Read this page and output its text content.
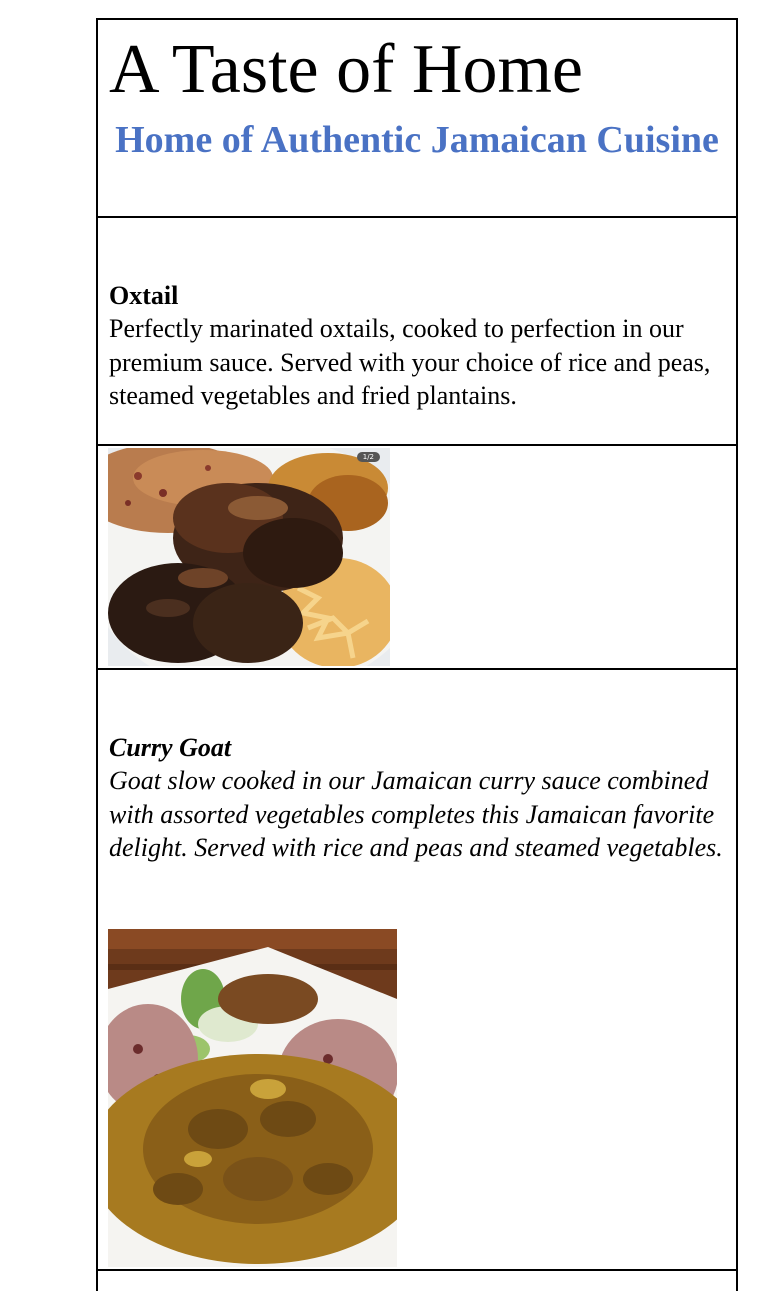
A Taste of Home
Home of Authentic Jamaican Cuisine
Oxtail
Perfectly marinated oxtails, cooked to perfection in our premium sauce. Served with your choice of rice and peas, steamed vegetables and fried plantains.
1/2
Curry Goat
Goat slow cooked in our Jamaican curry sauce combined with assorted vegetables completes this Jamaican favorite delight. Served with rice and peas and steamed vegetables.
